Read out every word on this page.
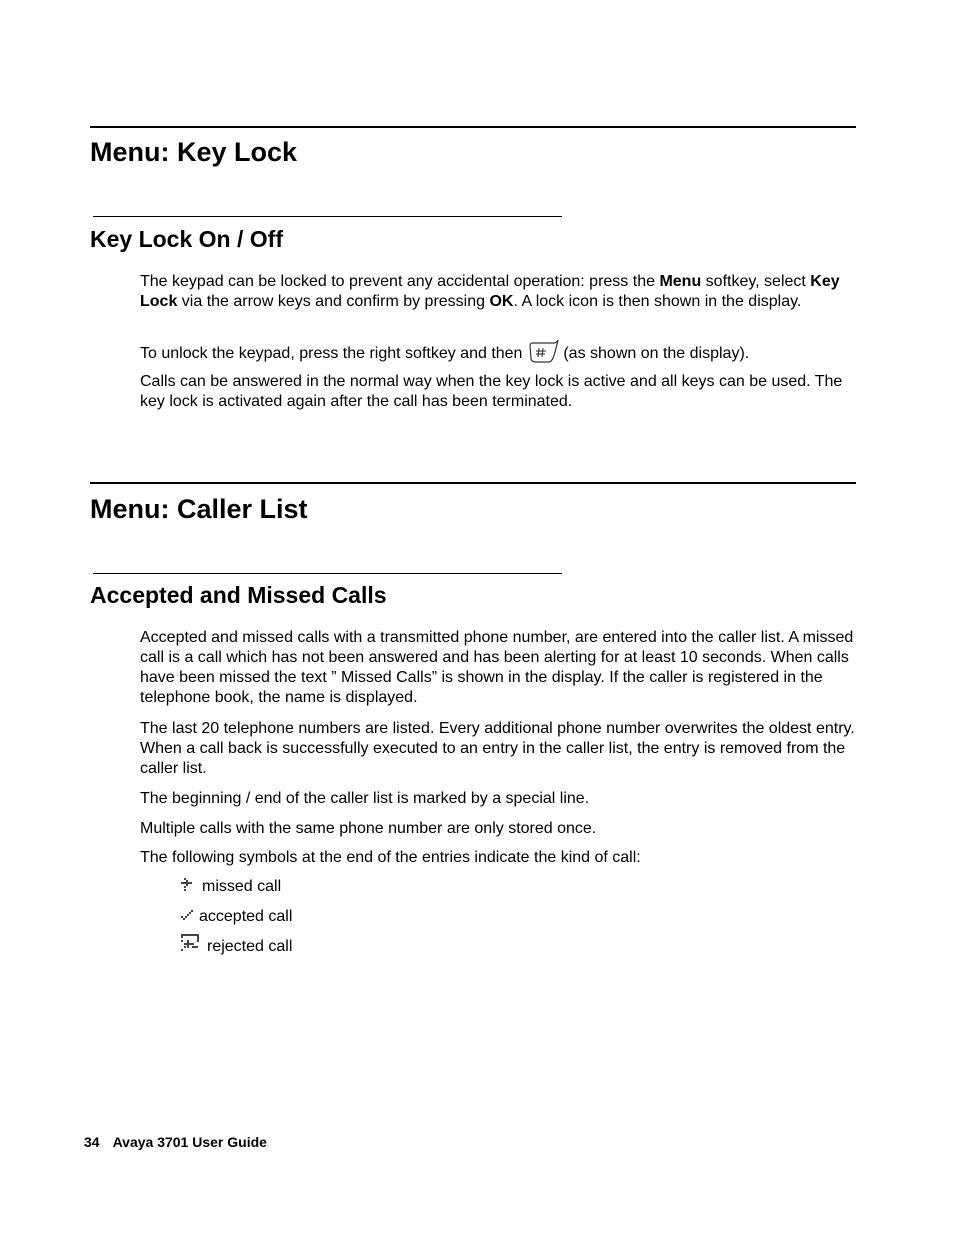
Menu: Key Lock
Key Lock On / Off

The keypad can be locked to prevent any accidental operation: press the Menu softkey, select Key Lock via the arrow keys and confirm by pressing OK. A lock icon is then shown in the display.

To unlock the keypad, press the right softkey and then  (as shown on the display).

Calls can be answered in the normal way when the key lock is active and all keys can be used. The key lock is activated again after the call has been terminated.

Menu: Caller List
Accepted and Missed Calls

Accepted and missed calls with a transmitted phone number, are entered into the caller list. A missed call is a call which has not been answered and has been alerting for at least 10 seconds. When calls have been missed the text ” Missed Calls” is shown in the display. If the caller is registered in the telephone book, the name is displayed.

The last 20 telephone numbers are listed. Every additional phone number overwrites the oldest entry. When a call back is successfully executed to an entry in the caller list, the entry is removed from the caller list.

The beginning / end of the caller list is marked by a special line.

Multiple calls with the same phone number are only stored once.

The following symbols at the end of the entries indicate the kind of call:

missed call
accepted call
rejected call
34 Avaya 3701 User Guide
